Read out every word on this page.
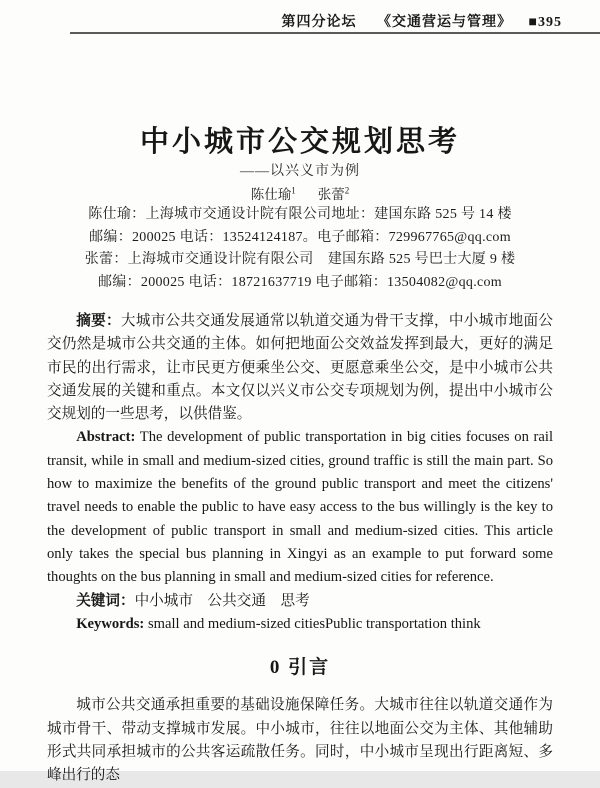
第四分论坛 《交通营运与管理》 ■395
中小城市公交规划思考
——以兴义市为例
陈仕瑜$^1$ 张蕾$^2$
陈仕瑜：上海城市交通设计院有限公司地址：建国东路 525 号 14 楼
邮编：200025 电话：13524124187。电子邮箱：729967765@qq.com
张蕾：上海城市交通设计院有限公司　建国东路 525 号巴士大厦 9 楼
邮编：200025 电话：18721637719 电子邮箱：13504082@qq.com

摘要：大城市公共交通发展通常以轨道交通为骨干支撑，中小城市地面公交仍然是城市公共交通的主体。如何把地面公交效益发挥到最大，更好的满足市民的出行需求，让市民更方便乘坐公交、更愿意乘坐公交，是中小城市公共交通发展的关键和重点。本文仅以兴义市公交专项规划为例，提出中小城市公交规划的一些思考，以供借鉴。

Abstract: The development of public transportation in big cities focuses on rail transit, while in small and medium-sized cities, ground traffic is still the main part. So how to maximize the benefits of the ground public transport and meet the citizens' travel needs to enable the public to have easy access to the bus willingly is the key to the development of public transport in small and medium-sized cities. This article only takes the special bus planning in Xingyi as an example to put forward some thoughts on the bus planning in small and medium-sized cities for reference.

关键词：中小城市　公共交通　思考

Keywords: small and medium-sized citiesPublic transportation think

0 引言

城市公共交通承担重要的基础设施保障任务。大城市往往以轨道交通作为城市骨干、带动支撑城市发展。中小城市，往往以地面公交为主体、其他辅助形式共同承担城市的公共客运疏散任务。同时，中小城市呈现出行距离短、多峰出行的态
